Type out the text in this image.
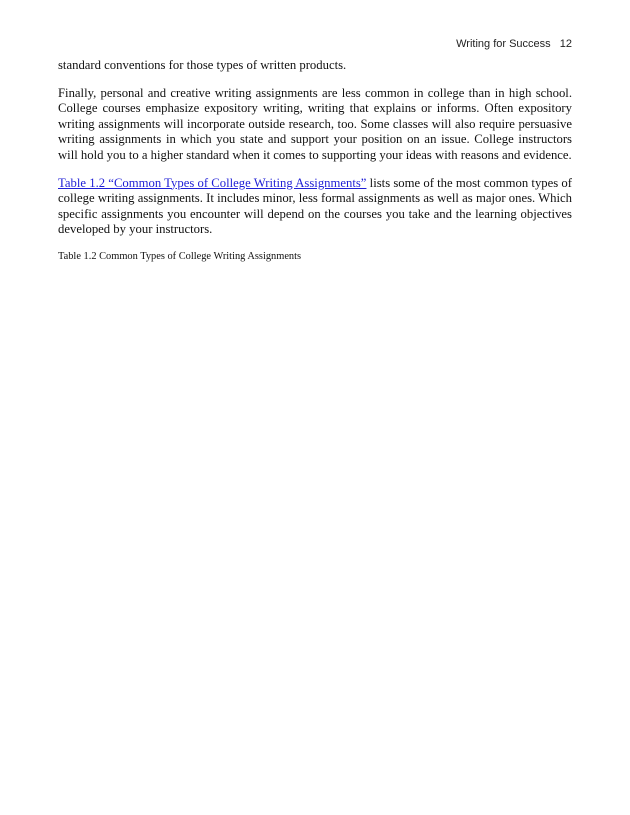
Writing for Success 12

standard conventions for those types of written products.

Finally, personal and creative writing assignments are less common in college than in high school. College courses emphasize expository writing, writing that explains or informs. Often expository writing assignments will incorporate outside research, too. Some classes will also require persuasive writing assignments in which you state and support your position on an issue. College instructors will hold you to a higher standard when it comes to supporting your ideas with reasons and evidence.

Table 1.2 “Common Types of College Writing Assignments” lists some of the most common types of college writing assignments. It includes minor, less formal assignments as well as major ones. Which specific assignments you encounter will depend on the courses you take and the learning objectives developed by your instructors.

Table 1.2 Common Types of College Writing Assignments
